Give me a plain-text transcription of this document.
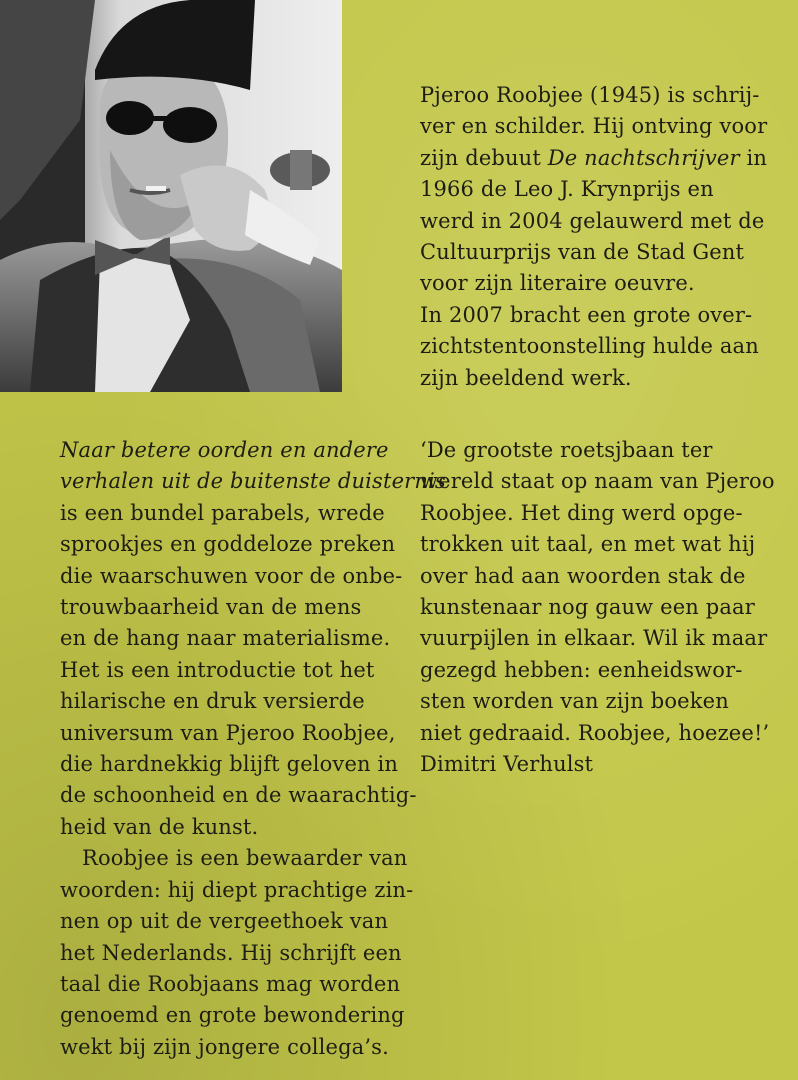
Pjeroo Roobjee (1945) is schrij-

ver en schilder. Hij ontving voor

zijn debuut De nachtschrijver in

1966 de Leo J. Krynprijs en

werd in 2004 gelauwerd met de

Cultuurprijs van de Stad Gent

voor zijn literaire oeuvre.

In 2007 bracht een grote over-

zichtstentoonstelling hulde aan

zijn beeldend werk.

Naar betere oorden en andere

verhalen uit de buitenste duisternis

is een bundel parabels, wrede

sprookjes en goddeloze preken

die waarschuwen voor de onbe-

trouwbaarheid van de mens

en de hang naar materialisme.

Het is een introductie tot het

hilarische en druk versierde

universum van Pjeroo Roobjee,

die hardnekkig blijft geloven in

de schoonheid en de waarachtig-

heid van de kunst.

Roobjee is een bewaarder van

woorden: hij diept prachtige zin-

nen op uit de vergeethoek van

het Nederlands. Hij schrijft een

taal die Roobjaans mag worden

genoemd en grote bewondering

wekt bij zijn jongere collega’s.

‘De grootste roetsjbaan ter

wereld staat op naam van Pjeroo

Roobjee. Het ding werd opge-

trokken uit taal, en met wat hij

over had aan woorden stak de

kunstenaar nog gauw een paar

vuurpijlen in elkaar. Wil ik maar

gezegd hebben: eenheidswor-

sten worden van zijn boeken

niet gedraaid. Roobjee, hoezee!’

Dimitri Verhulst
